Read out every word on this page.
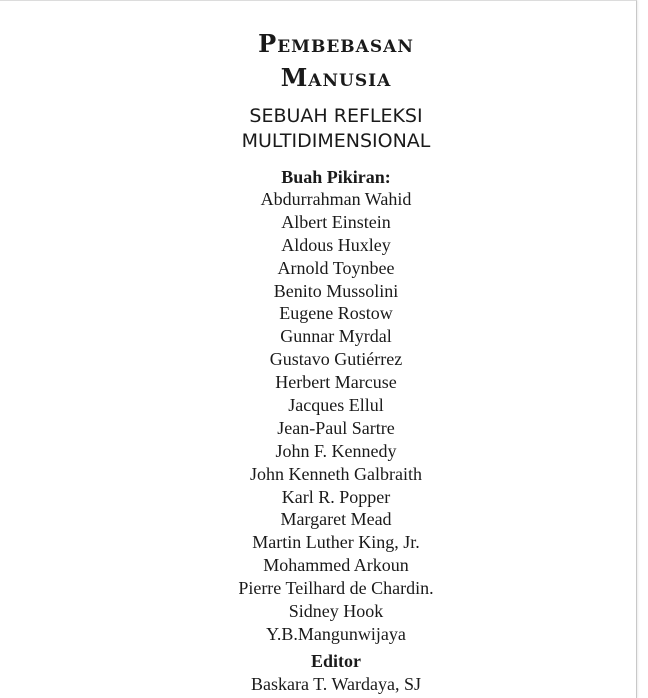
Pembebasan
Manusia
SEBUAH REFLEKSI
MULTIDIMENSIONAL
Buah Pikiran:
Abdurrahman Wahid
Albert Einstein
Aldous Huxley
Arnold Toynbee
Benito Mussolini
Eugene Rostow
Gunnar Myrdal
Gustavo Gutiérrez
Herbert Marcuse
Jacques Ellul
Jean-Paul Sartre
John F. Kennedy
John Kenneth Galbraith
Karl R. Popper
Margaret Mead
Martin Luther King, Jr.
Mohammed Arkoun
Pierre Teilhard de Chardin.
Sidney Hook
Y.B.Mangunwijaya
Editor
Baskara T. Wardaya, SJ
